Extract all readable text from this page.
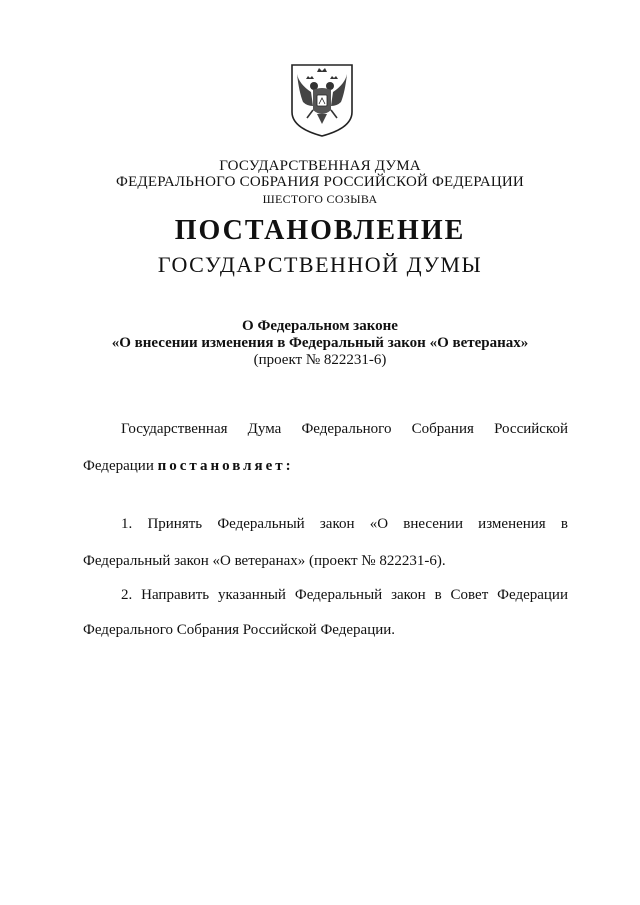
ГОСУДАРСТВЕННАЯ ДУМА

ФЕДЕРАЛЬНОГО СОБРАНИЯ РОССИЙСКОЙ ФЕДЕРАЦИИ

ШЕСТОГО СОЗЫВА

ПОСТАНОВЛЕНИЕ
ГОСУДАРСТВЕННОЙ ДУМЫ

О Федеральном законе

«О внесении изменения в Федеральный закон «О ветеранах»

(проект № 822231-6)

Государственная Дума Федерального Собрания Российской

Федерации постановляет:

1. Принять Федеральный закон «О внесении изменения в

Федеральный закон «О ветеранах» (проект № 822231-6).

2. Направить указанный Федеральный закон в Совет Федерации

Федерального Собрания Российской Федерации.
